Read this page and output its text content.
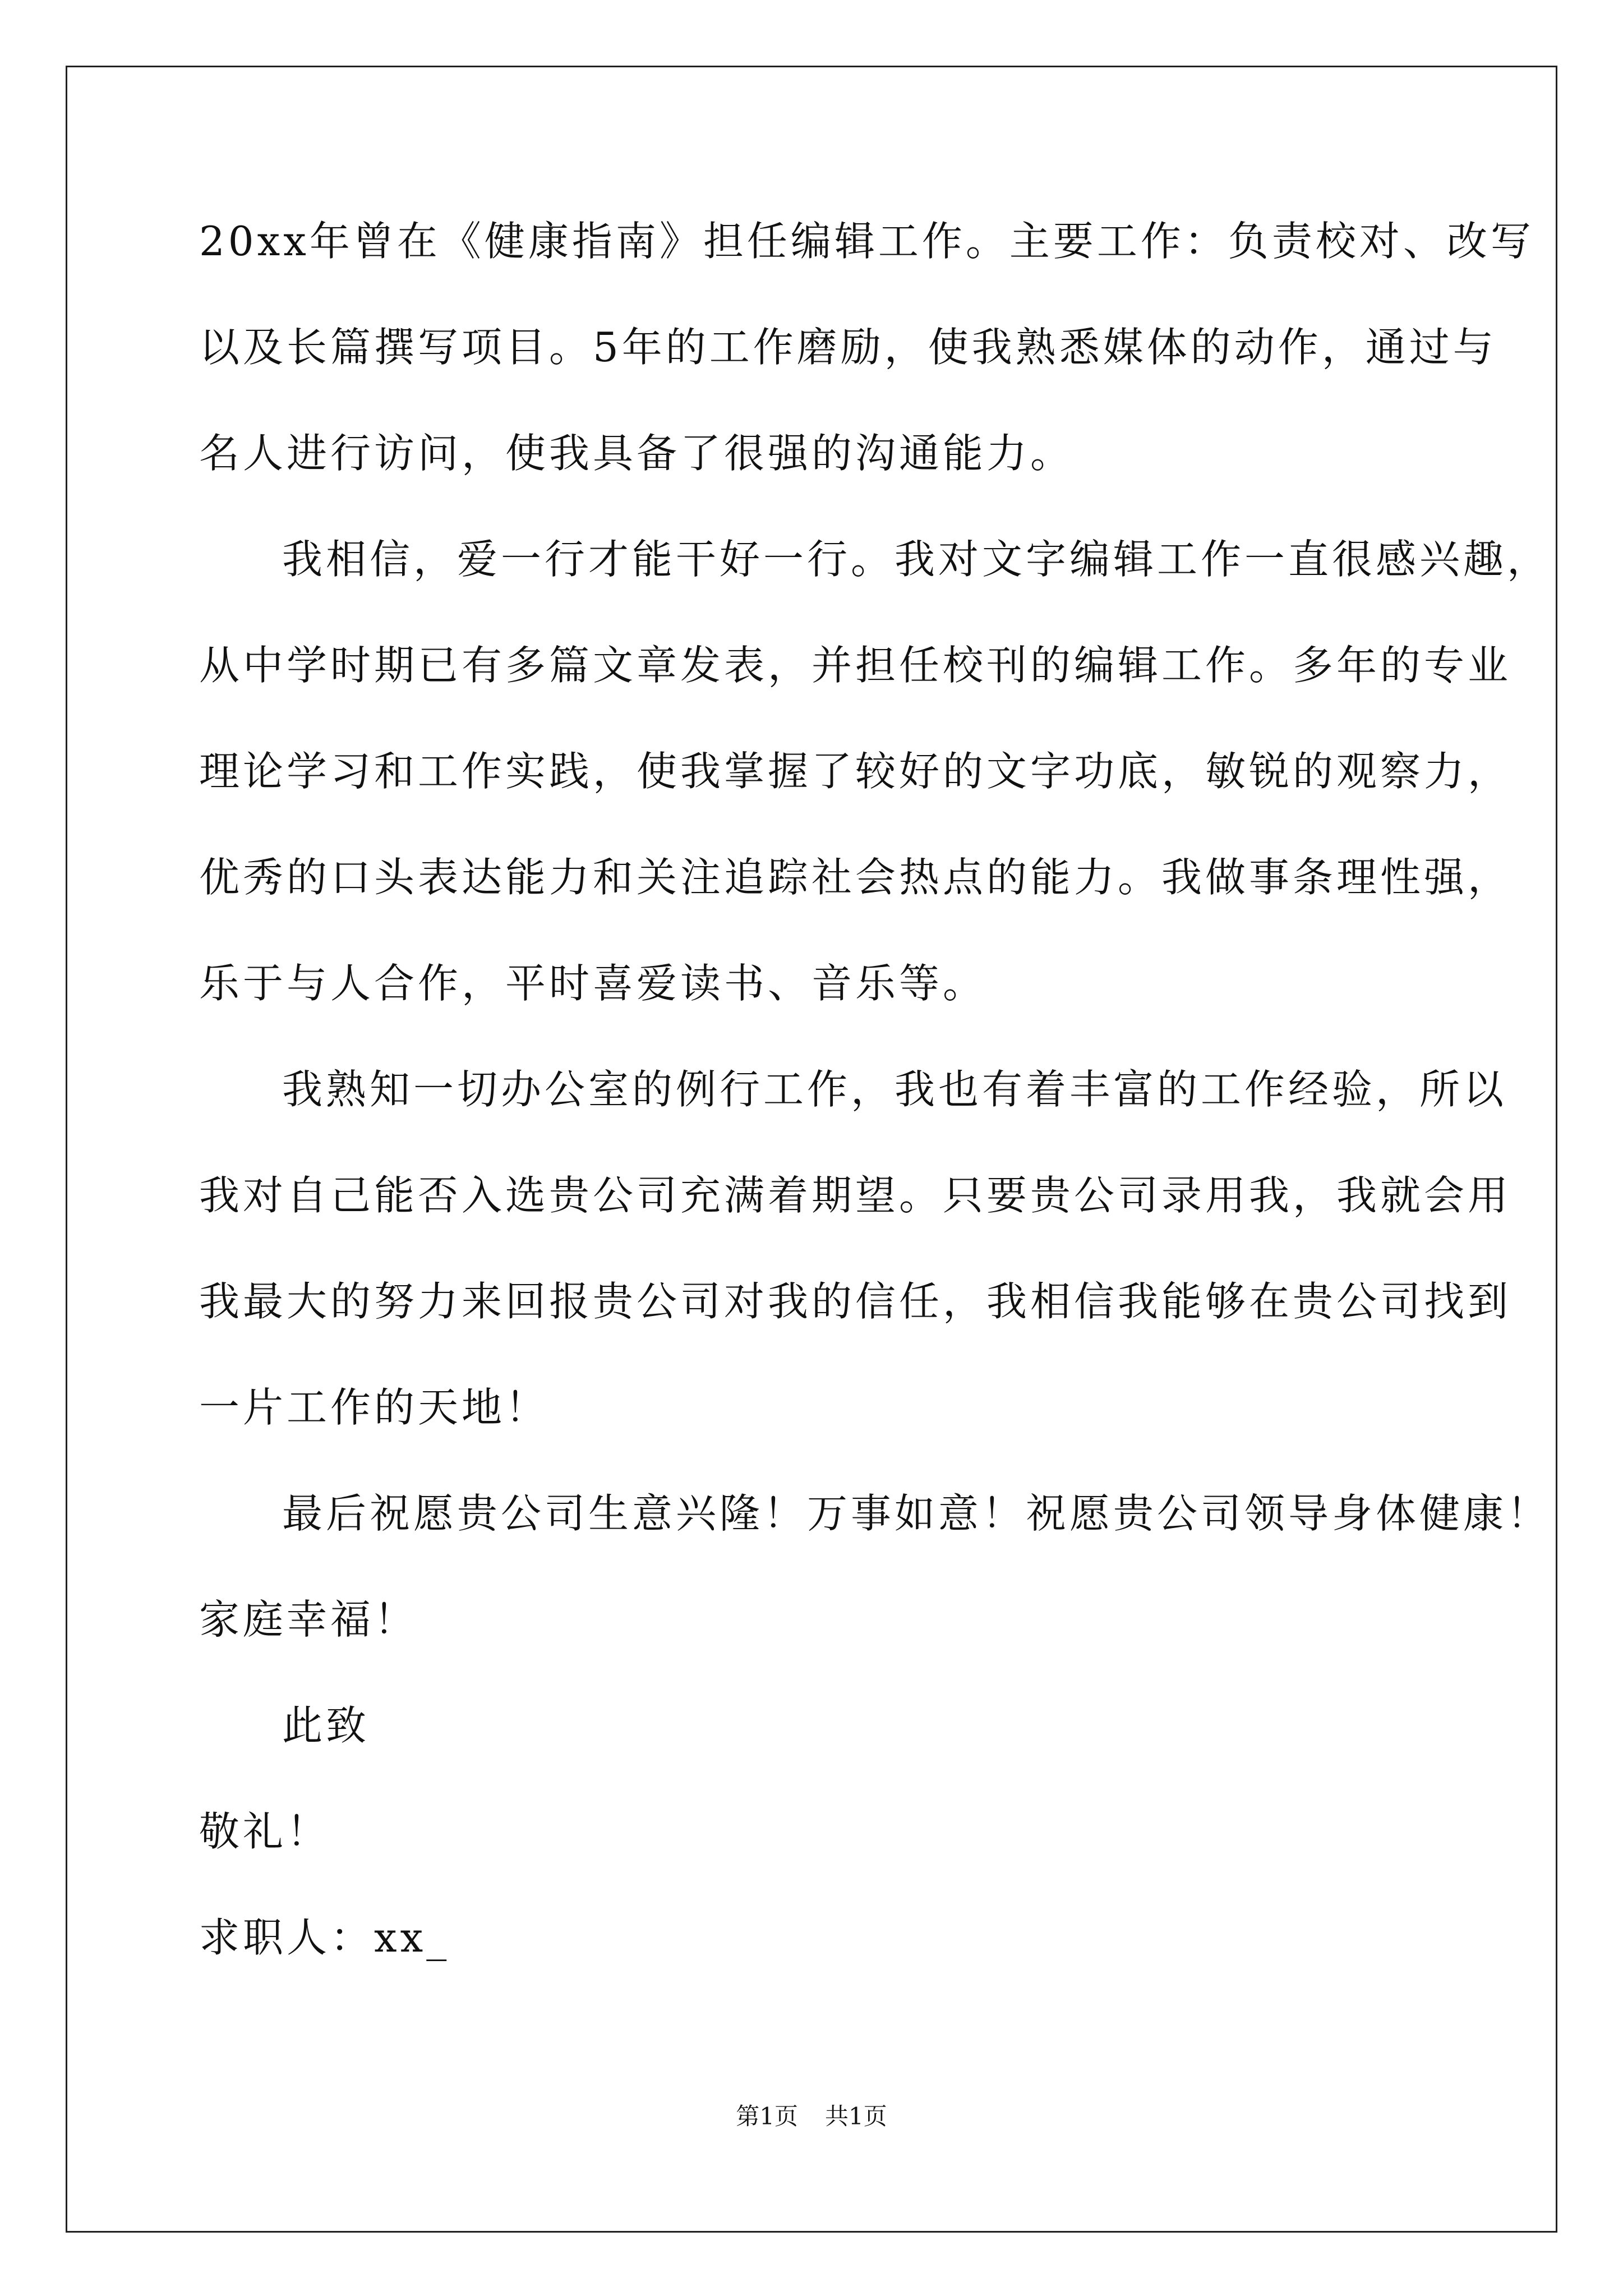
20xx年曾在《健康指南》担任编辑工作。主要工作：负责校对、改写
以及长篇撰写项目。5年的工作磨励，使我熟悉媒体的动作，通过与
名人进行访问，使我具备了很强的沟通能力。
我相信，爱一行才能干好一行。我对文字编辑工作一直很感兴趣，
从中学时期已有多篇文章发表，并担任校刊的编辑工作。多年的专业
理论学习和工作实践，使我掌握了较好的文字功底，敏锐的观察力，
优秀的口头表达能力和关注追踪社会热点的能力。我做事条理性强，
乐于与人合作，平时喜爱读书、音乐等。
我熟知一切办公室的例行工作，我也有着丰富的工作经验，所以
我对自己能否入选贵公司充满着期望。只要贵公司录用我，我就会用
我最大的努力来回报贵公司对我的信任，我相信我能够在贵公司找到
一片工作的天地！
最后祝愿贵公司生意兴隆！万事如意！祝愿贵公司领导身体健康！
家庭幸福！
此致
敬礼！
求职人：xx_
第1页 共1页
